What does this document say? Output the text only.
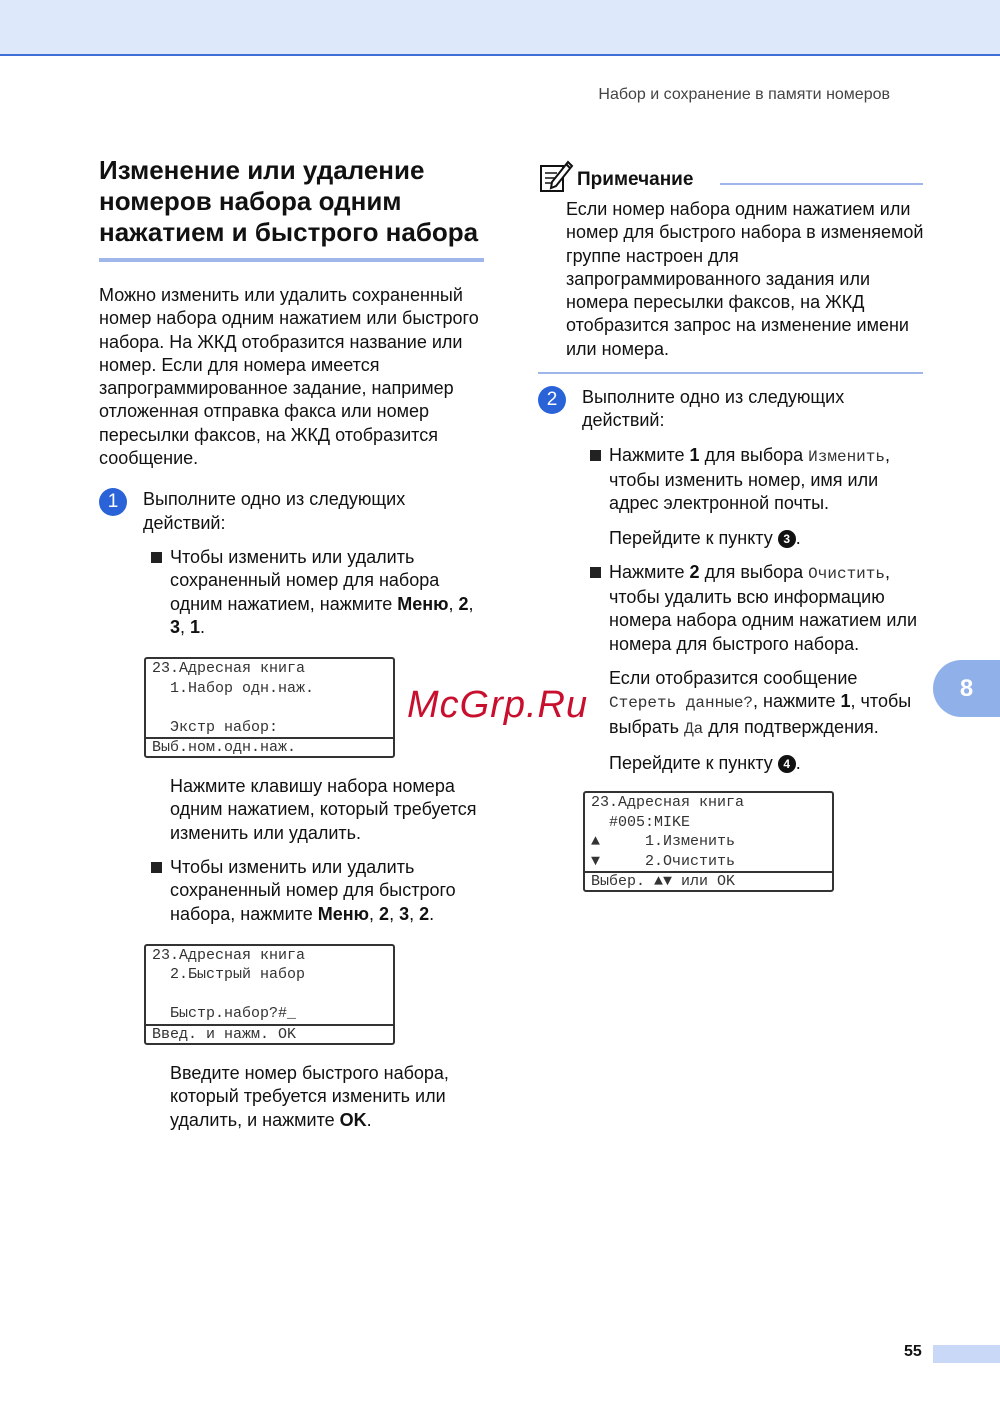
Набор и сохранение в памяти номеров
Изменение или удаление номеров набора одним нажатием и быстрого набора

Можно изменить или удалить сохраненный номер набора одним нажатием или быстрого набора. На ЖКД отобразится название или номер. Если для номера имеется запрограммированное задание, например отложенная отправка факса или номер пересылки факсов, на ЖКД отобразится сообщение.

1	Выполните одно из следующих действий:
Чтобы изменить или удалить сохраненный номер для набора одним нажатием, нажмите Меню, 2, 3, 1.
23.Адресная книга
1.Набор одн.наж.
Экстр набор:
Выб.ном.одн.наж.

Нажмите клавишу набора номера одним нажатием, который требуется изменить или удалить.

Чтобы изменить или удалить сохраненный номер для быстрого набора, нажмите Меню, 2, 3, 2.
23.Адресная книга
2.Быстрый набор
Быстр.набор?#_
Введ. и нажм. OK

Введите номер быстрого набора, который требуется изменить или удалить, и нажмите OK.

Примечание

Если номер набора одним нажатием или номер для быстрого набора в изменяемой группе настроен для запрограммированного задания или номера пересылки факсов, на ЖКД отобразится запрос на изменение имени или номера.

2	Выполните одно из следующих действий:
Нажмите 1 для выбора Изменить, чтобы изменить номер, имя или адрес электронной почты.

Перейдите к пункту 3 .

Нажмите 2 для выбора Очистить, чтобы удалить всю информацию номера набора одним нажатием или номера для быстрого набора.

Если отобразится сообщение Стереть данные?, нажмите 1, чтобы выбрать Да для подтверждения.

Перейдите к пункту 4 .

23.Адресная книга
#005:MIKE
▲     1.Изменить
▼     2.Очистить
Выбер. ▲▼ или OK
McGrp.Ru	8
55
